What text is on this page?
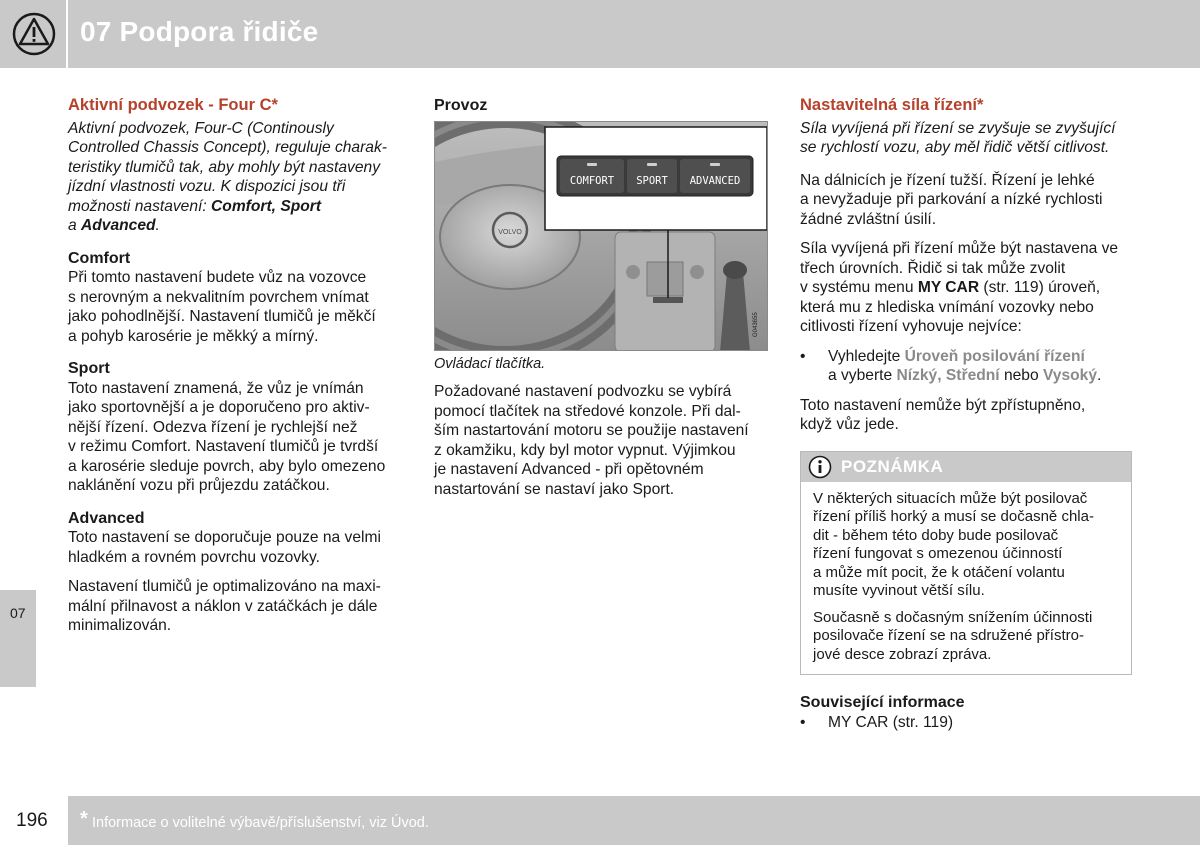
07 Podpora řidiče
07
Aktivní podvozek - Four C*
Aktivní podvozek, Four-C (Continously
Controlled Chassis Concept), reguluje charak-
teristiky tlumičů tak, aby mohly být nastaveny
jízdní vlastnosti vozu. K dispozici jsou tři
možnosti nastavení: Comfort, Sport
a Advanced.
Comfort
Při tomto nastavení budete vůz na vozovce
s nerovným a nekvalitním povrchem vnímat
jako pohodlnější. Nastavení tlumičů je měkčí
a pohyb karosérie je měkký a mírný.
Sport
Toto nastavení znamená, že vůz je vnímán
jako sportovnější a je doporučeno pro aktiv-
nější řízení. Odezva řízení je rychlejší než
v režimu Comfort. Nastavení tlumičů je tvrdší
a karosérie sleduje povrch, aby bylo omezeno
naklánění vozu při průjezdu zatáčkou.
Advanced
Toto nastavení se doporučuje pouze na velmi
hladkém a rovném povrchu vozovky.
Nastavení tlumičů je optimalizováno na maxi-
mální přilnavost a náklon v zatáčkách je dále
minimalizován.
Provoz
VOLVO
COMFORT SPORT ADVANCED
G043655
Ovládací tlačítka.
Požadované nastavení podvozku se vybírá
pomocí tlačítek na středové konzole. Při dal-
ším nastartování motoru se použije nastavení
z okamžiku, kdy byl motor vypnut. Výjimkou
je nastavení Advanced - při opětovném
nastartování se nastaví jako Sport.
Nastavitelná síla řízení*
Síla vyvíjená při řízení se zvyšuje se zvyšující
se rychlostí vozu, aby měl řidič větší citlivost.
Na dálnicích je řízení tužší. Řízení je lehké
a nevyžaduje při parkování a nízké rychlosti
žádné zvláštní úsilí.
Síla vyvíjená při řízení může být nastavena ve
třech úrovních. Řidič si tak může zvolit
v systému menu MY CAR (str. 119) úroveň,
která mu z hlediska vnímání vozovky nebo
citlivosti řízení vyhovuje nejvíce:
• Vyhledejte Úroveň posilování řízení
a vyberte Nízký, Střední nebo Vysoký.
Toto nastavení nemůže být zpřístupněno,
když vůz jede.
POZNÁMKA
V některých situacích může být posilovač
řízení příliš horký a musí se dočasně chla-
dit - během této doby bude posilovač
řízení fungovat s omezenou účinností
a může mít pocit, že k otáčení volantu
musíte vyvinout větší sílu.
Současně s dočasným snížením účinnosti
posilovače řízení se na sdružené přístro-
jové desce zobrazí zpráva.
Související informace
• MY CAR (str. 119)
196 * Informace o volitelné výbavě/příslušenství, viz Úvod.
